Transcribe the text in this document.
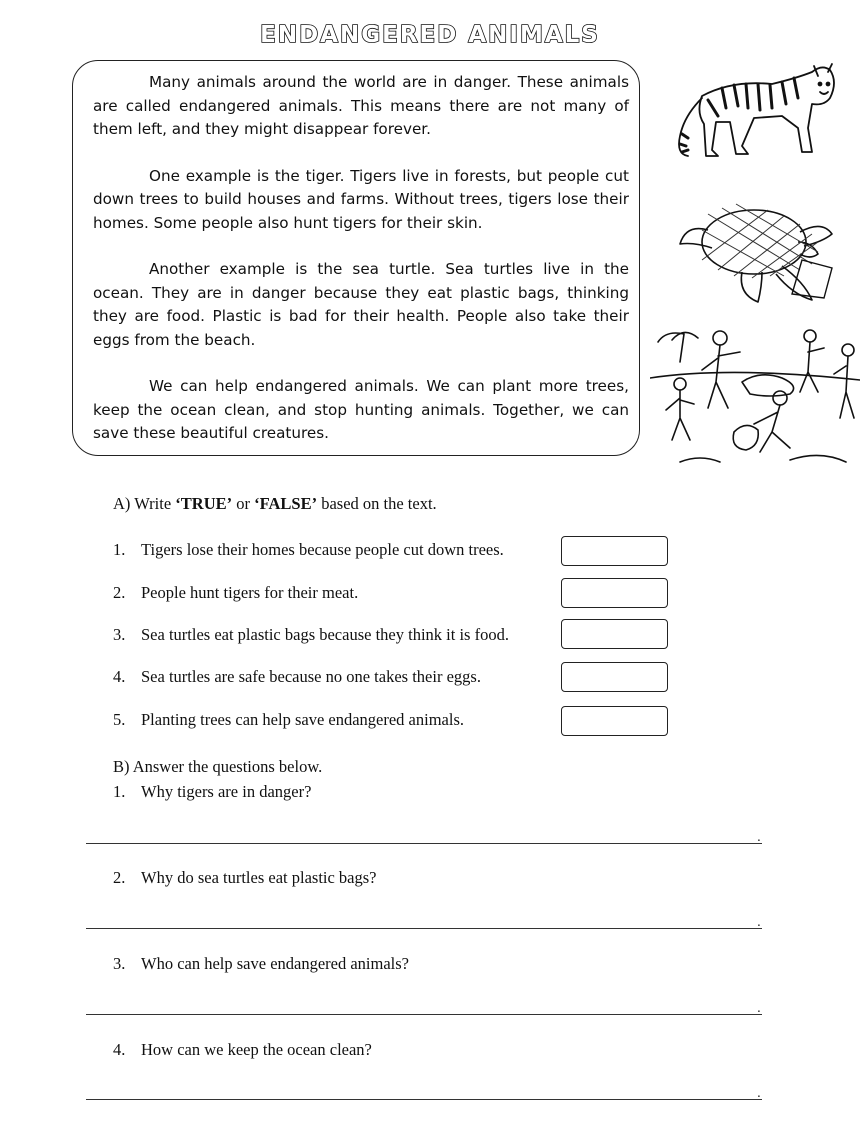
ENDANGERED ANIMALS

Many animals around the world are in danger. These animals are called endangered animals. This means there are not many of them left, and they might disappear forever.

One example is the tiger. Tigers live in forests, but people cut down trees to build houses and farms. Without trees, tigers lose their homes. Some people also hunt tigers for their skin.

Another example is the sea turtle. Sea turtles live in the ocean. They are in danger because they eat plastic bags, thinking they are food. Plastic is bad for their health. People also take their eggs from the beach.

We can help endangered animals. We can plant more trees, keep the ocean clean, and stop hunting animals. Together, we can save these beautiful creatures.

A) Write ‘TRUE’ or ‘FALSE’ based on the text.
1. Tigers lose their homes because people cut down trees.
2. People hunt tigers for their meat.
3. Sea turtles eat plastic bags because they think it is food.
4. Sea turtles are safe because no one takes their eggs.
5. Planting trees can help save endangered animals.
B) Answer the questions below.
1. Why tigers are in danger?
.
2. Why do sea turtles eat plastic bags?
.
3. Who can help save endangered animals?
.
4. How can we keep the ocean clean?
.
